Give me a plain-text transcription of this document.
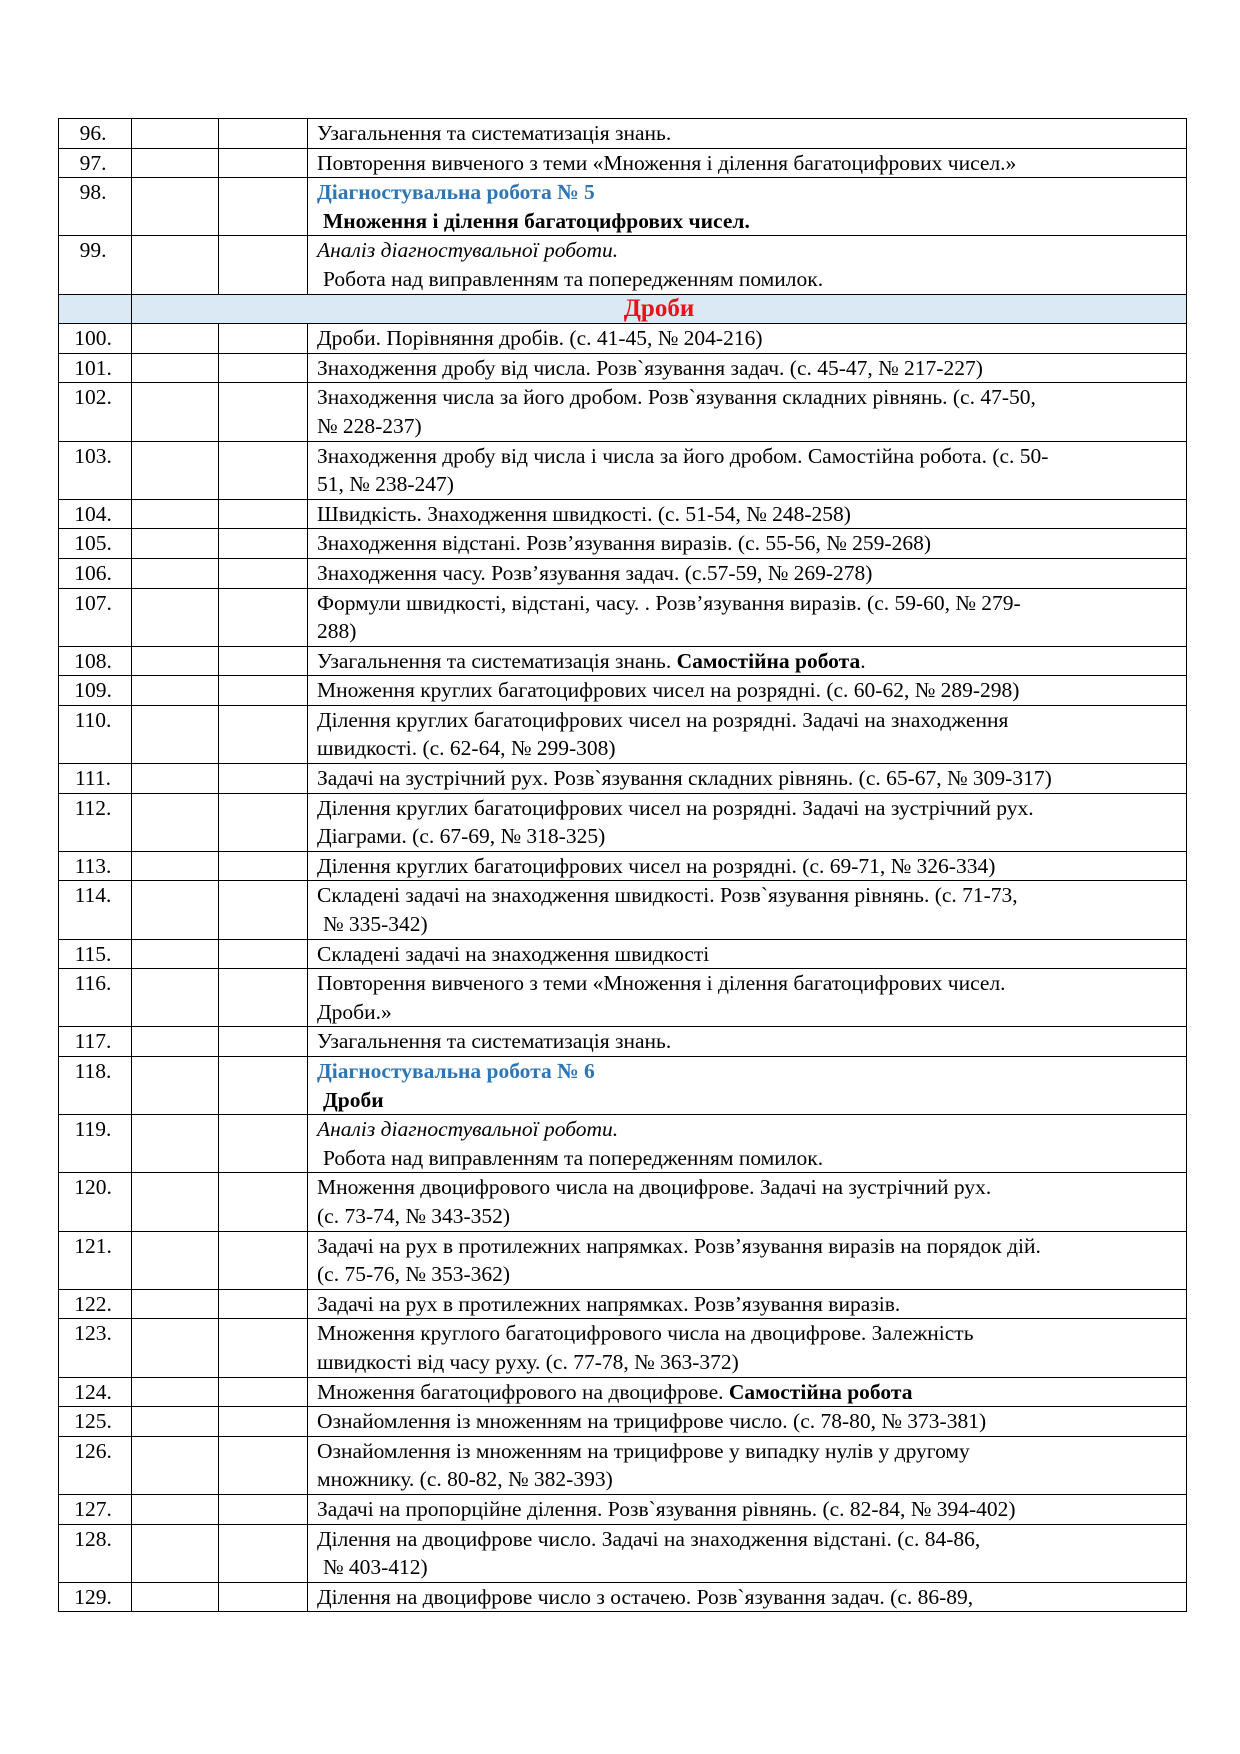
96.			Узагальнення та систематизація знань.

97.			Повторення вивченого з теми «Множення і ділення багатоцифрових чисел.»

98.			Діагностувальна робота № 5
Множення і ділення багатоцифрових чисел.

99.			Аналіз діагностувальної роботи.
Робота над виправленням та попередженням помилок.

	Дроби		
100.			Дроби. Порівняння дробів. (с. 41-45, № 204-216)

101.			Знаходження дробу від числа. Розв`язування задач. (с. 45-47, № 217-227)

102.			Знаходження числа за його дробом. Розв`язування складних рівнянь. (с. 47-50,
№ 228-237)

103.			Знаходження дробу від числа і числа за його дробом. Самостійна робота. (с. 50-
51, № 238-247)

104.			Швидкість. Знаходження швидкості. (с. 51-54, № 248-258)

105.			Знаходження відстані. Розв’язування виразів. (с. 55-56, № 259-268)

106.			Знаходження часу. Розв’язування задач. (с.57-59, № 269-278)

107.			Формули швидкості, відстані, часу. . Розв’язування виразів. (с. 59-60, № 279-
288)

108.			Узагальнення та систематизація знань. Самостійна робота.

109.			Множення круглих багатоцифрових чисел на розрядні. (с. 60-62, № 289-298)

110.			Ділення круглих багатоцифрових чисел на розрядні. Задачі на знаходження
швидкості. (с. 62-64, № 299-308)

111.			Задачі на зустрічний рух. Розв`язування складних рівнянь. (с. 65-67, № 309-317)

112.			Ділення круглих багатоцифрових чисел на розрядні. Задачі на зустрічний рух.
Діаграми. (с. 67-69, № 318-325)

113.			Ділення круглих багатоцифрових чисел на розрядні. (с. 69-71, № 326-334)

114.			Складені задачі на знаходження швидкості. Розв`язування рівнянь. (с. 71-73,
№ 335-342)

115.			Складені задачі на знаходження швидкості

116.			Повторення вивченого з теми «Множення і ділення багатоцифрових чисел.
Дроби.»

117.			Узагальнення та систематизація знань.

118.			Діагностувальна робота № 6
Дроби

119.			Аналіз діагностувальної роботи.
Робота над виправленням та попередженням помилок.

120.			Множення двоцифрового числа на двоцифрове. Задачі на зустрічний рух.
(с. 73-74, № 343-352)

121.			Задачі на рух в протилежних напрямках. Розв’язування виразів на порядок дій.
(с. 75-76, № 353-362)

122.			Задачі на рух в протилежних напрямках. Розв’язування виразів.

123.			Множення круглого багатоцифрового числа на двоцифрове. Залежність
швидкості від часу руху. (с. 77-78, № 363-372)

124.			Множення багатоцифрового на двоцифрове. Самостійна робота

125.			Ознайомлення із множенням на трицифрове число. (с. 78-80, № 373-381)

126.			Ознайомлення із множенням на трицифрове у випадку нулів у другому
множнику. (с. 80-82, № 382-393)

127.			Задачі на пропорційне ділення. Розв`язування рівнянь. (с. 82-84, № 394-402)

128.			Ділення на двоцифрове число. Задачі на знаходження відстані. (с. 84-86,
№ 403-412)

129.			Ділення на двоцифрове число з остачею. Розв`язування задач. (с. 86-89,
